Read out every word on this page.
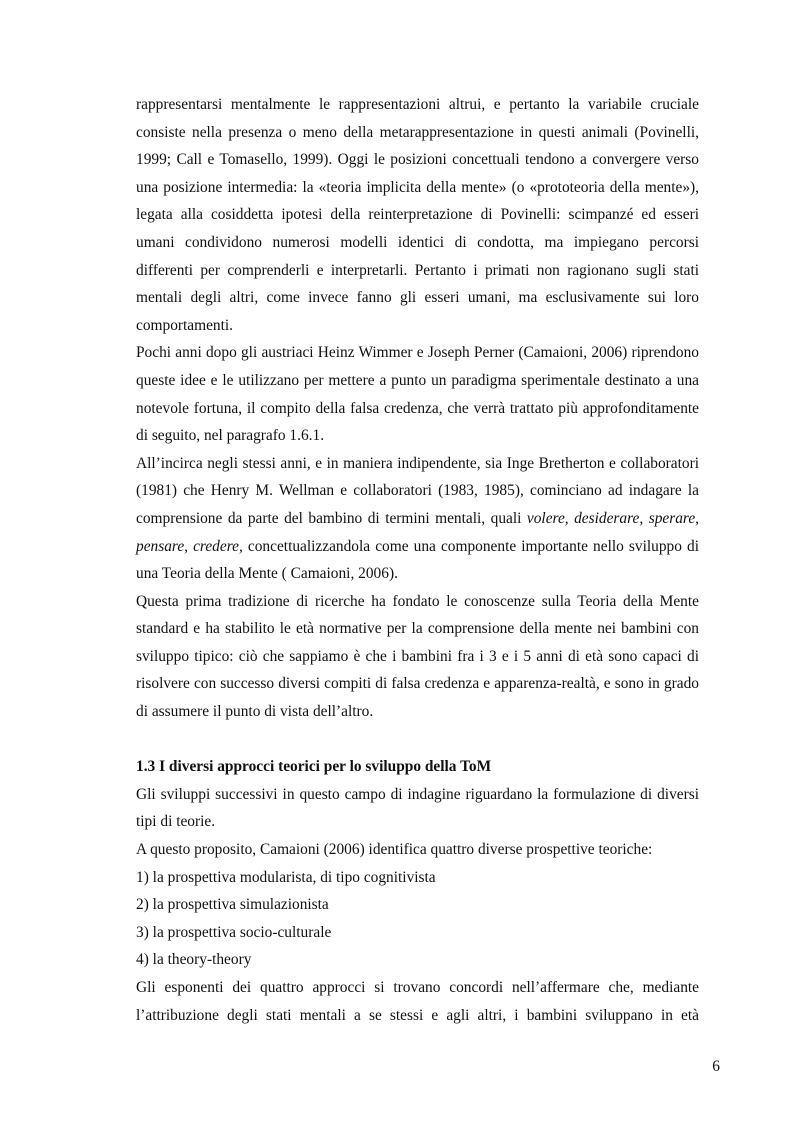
rappresentarsi mentalmente le rappresentazioni altrui, e pertanto la variabile cruciale consiste nella presenza o meno della metarappresentazione in questi animali (Povinelli, 1999; Call e Tomasello, 1999). Oggi le posizioni concettuali tendono a convergere verso una posizione intermedia: la «teoria implicita della mente» (o «prototeoria della mente»), legata alla cosiddetta ipotesi della reinterpretazione di Povinelli: scimpanzé ed esseri umani condividono numerosi modelli identici di condotta, ma impiegano percorsi differenti per comprenderli e interpretarli. Pertanto i primati non ragionano sugli stati mentali degli altri, come invece fanno gli esseri umani, ma esclusivamente sui loro comportamenti.

Pochi anni dopo gli austriaci Heinz Wimmer e Joseph Perner (Camaioni, 2006) riprendono queste idee e le utilizzano per mettere a punto un paradigma sperimentale destinato a una notevole fortuna, il compito della falsa credenza, che verrà trattato più approfonditamente di seguito, nel paragrafo 1.6.1.

All’incirca negli stessi anni, e in maniera indipendente, sia Inge Bretherton e collaboratori (1981) che Henry M. Wellman e collaboratori (1983, 1985), cominciano ad indagare la comprensione da parte del bambino di termini mentali, quali volere, desiderare, sperare, pensare, credere, concettualizzandola come una componente importante nello sviluppo di una Teoria della Mente ( Camaioni, 2006).

Questa prima tradizione di ricerche ha fondato le conoscenze sulla Teoria della Mente standard e ha stabilito le età normative per la comprensione della mente nei bambini con sviluppo tipico: ciò che sappiamo è che i bambini fra i 3 e i 5 anni di età sono capaci di risolvere con successo diversi compiti di falsa credenza e apparenza-realtà, e sono in grado di assumere il punto di vista dell’altro.

1.3 I diversi approcci teorici per lo sviluppo della ToM

Gli sviluppi successivi in questo campo di indagine riguardano la formulazione di diversi tipi di teorie.

A questo proposito, Camaioni (2006) identifica quattro diverse prospettive teoriche:

1) la prospettiva modularista, di tipo cognitivista
2) la prospettiva simulazionista
3) la prospettiva socio-culturale
4) la theory-theory

Gli esponenti dei quattro approcci si trovano concordi nell’affermare che, mediante l’attribuzione degli stati mentali a se stessi e agli altri, i bambini sviluppano in età

6
